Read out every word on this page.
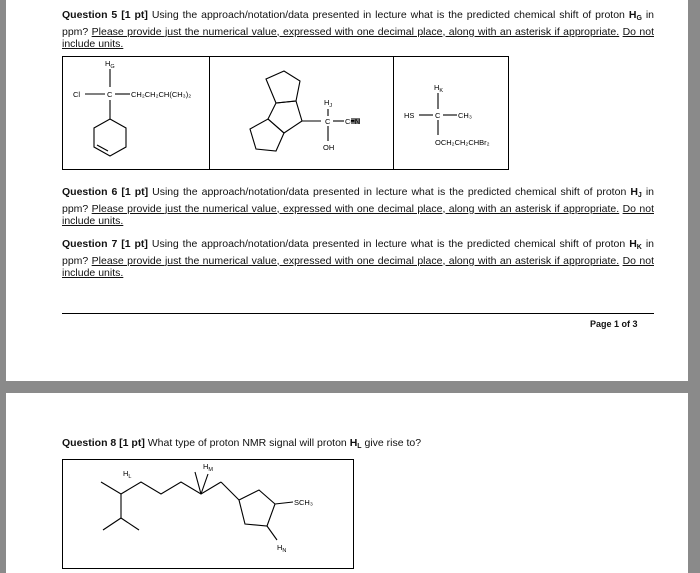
Question 5 [1 pt] Using the approach/notation/data presented in lecture what is the predicted chemical shift of proton $H_G$ in ppm? Please provide just the numerical value, expressed with one decimal place, along with an asterisk if appropriate. Do not include units.
$H_G$
Cl	C CH₂CH₂CH(CH₃)₂
$H_J$
C C≡N
OH
$H_K$
HS	C CH₃
OCH₂CH₂CHBr₂
Question 6 [1 pt] Using the approach/notation/data presented in lecture what is the predicted chemical shift of proton $H_J$ in ppm? Please provide just the numerical value, expressed with one decimal place, along with an asterisk if appropriate. Do not include units.
Question 7 [1 pt] Using the approach/notation/data presented in lecture what is the predicted chemical shift of proton $H_K$ in ppm? Please provide just the numerical value, expressed with one decimal place, along with an asterisk if appropriate. Do not include units.
Page 1 of 3
Question 8 [1 pt] What type of proton NMR signal will proton $H_L$ give rise to?
$H_L$
$H_M$
SCH₃
$H_N$
